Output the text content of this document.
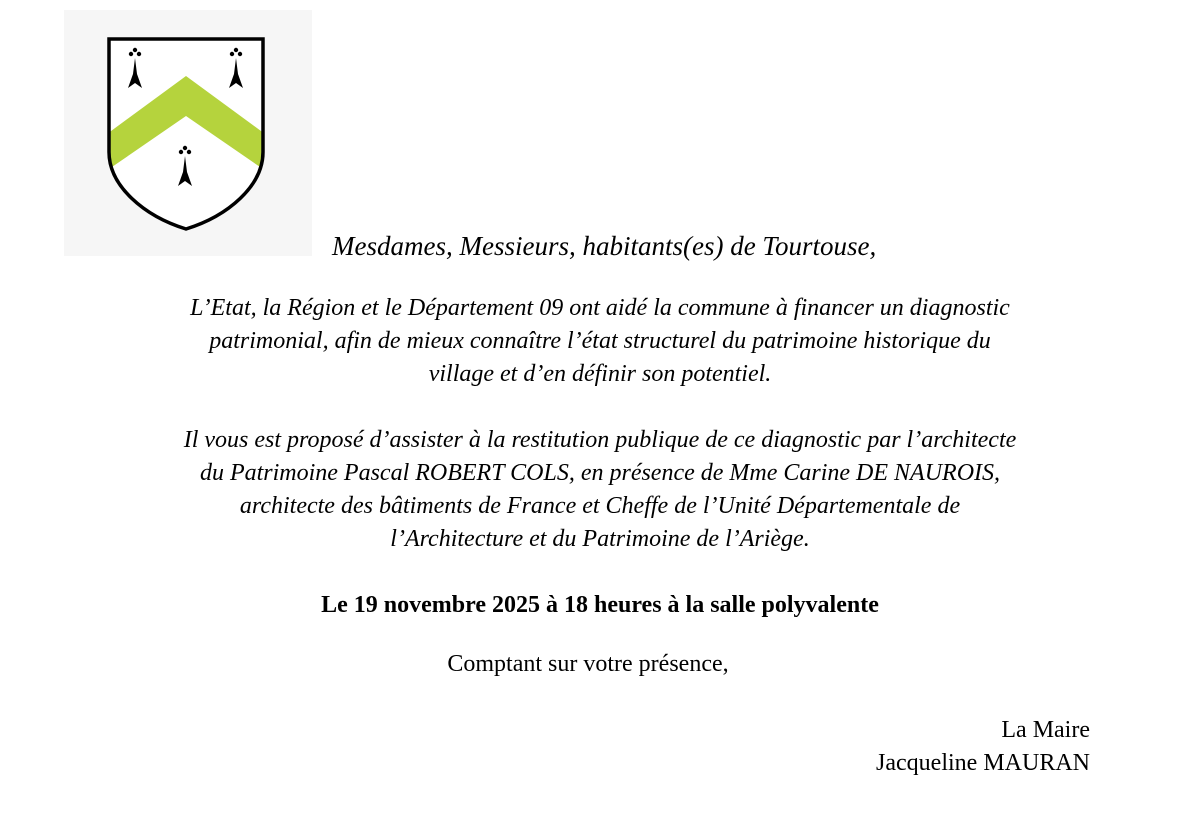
Mesdames, Messieurs, habitants(es) de Tourtouse,
L’Etat, la Région et le Département 09 ont aidé la commune à financer un diagnostic
patrimonial, afin de mieux connaître l’état structurel du patrimoine historique du
village et d’en définir son potentiel.
Il vous est proposé d’assister à la restitution publique de ce diagnostic par l’architecte
du Patrimoine Pascal ROBERT COLS, en présence de Mme Carine DE NAUROIS,
architecte des bâtiments de France et Cheffe de l’Unité Départementale de
l’Architecture et du Patrimoine de l’Ariège.
Le 19 novembre 2025 à 18 heures à la salle polyvalente
Comptant sur votre présence,
La Maire
Jacqueline MAURAN
